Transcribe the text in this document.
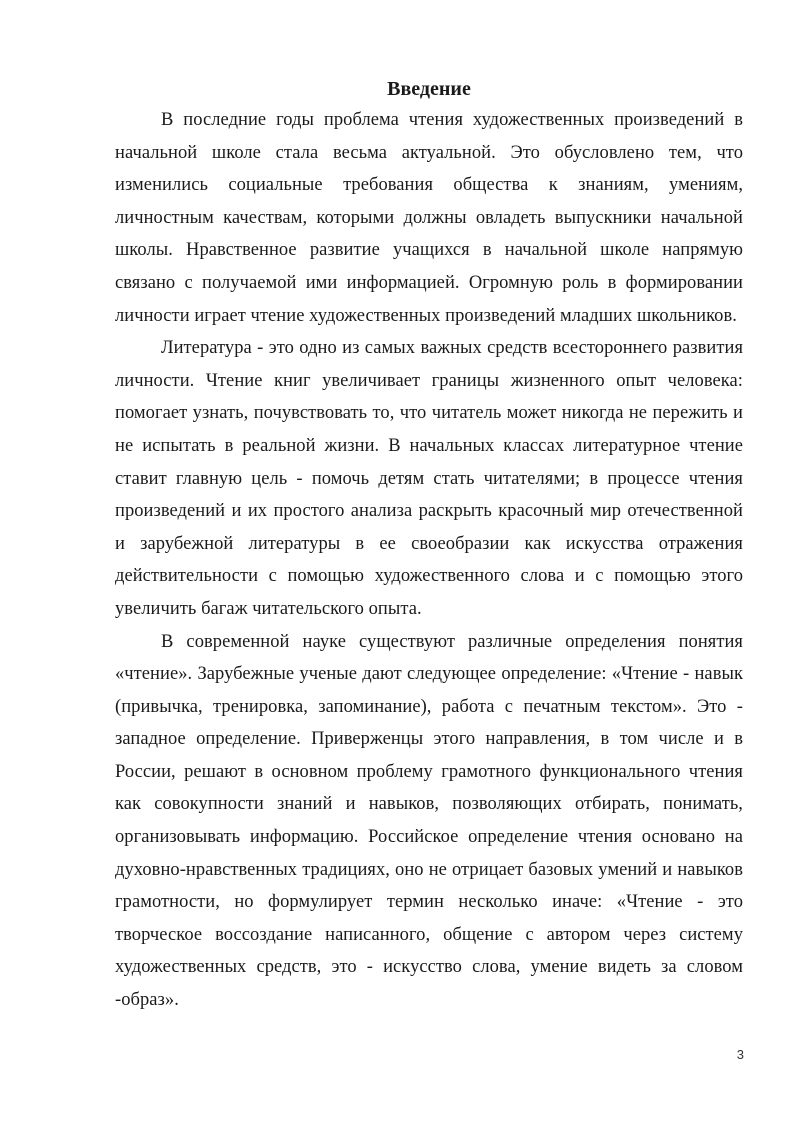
Введение

В последние годы проблема чтения художественных произведений в начальной школе стала весьма актуальной. Это обусловлено тем, что изменились социальные требования общества к знаниям, умениям, личностным качествам, которыми должны овладеть выпускники начальной школы. Нравственное развитие учащихся в начальной школе напрямую связано с получаемой ими информацией. Огромную роль в формировании личности играет чтение художественных произведений младших школьников.

Литература - это одно из самых важных средств всестороннего развития личности. Чтение книг увеличивает границы жизненного опыт человека: помогает узнать, почувствовать то, что читатель может никогда не пережить и не испытать в реальной жизни. В начальных классах литературное чтение ставит главную цель - помочь детям стать читателями; в процессе чтения произведений и их простого анализа раскрыть красочный мир отечественной и зарубежной литературы в ее своеобразии как искусства отражения действительности с помощью художественного слова и с помощью этого увеличить багаж читательского опыта.

В современной науке существуют различные определения понятия «чтение». Зарубежные ученые дают следующее определение: «Чтение - навык (привычка, тренировка, запоминание), работа с печатным текстом». Это - западное определение. Приверженцы этого направления, в том числе и в России, решают в основном проблему грамотного функционального чтения как совокупности знаний и навыков, позволяющих отбирать, понимать, организовывать информацию. Российское определение чтения основано на духовно-нравственных традициях, оно не отрицает базовых умений и навыков грамотности, но формулирует термин несколько иначе: «Чтение - это творческое воссоздание написанного, общение с автором через систему художественных средств, это - искусство слова, умение видеть за словом -образ».

3
